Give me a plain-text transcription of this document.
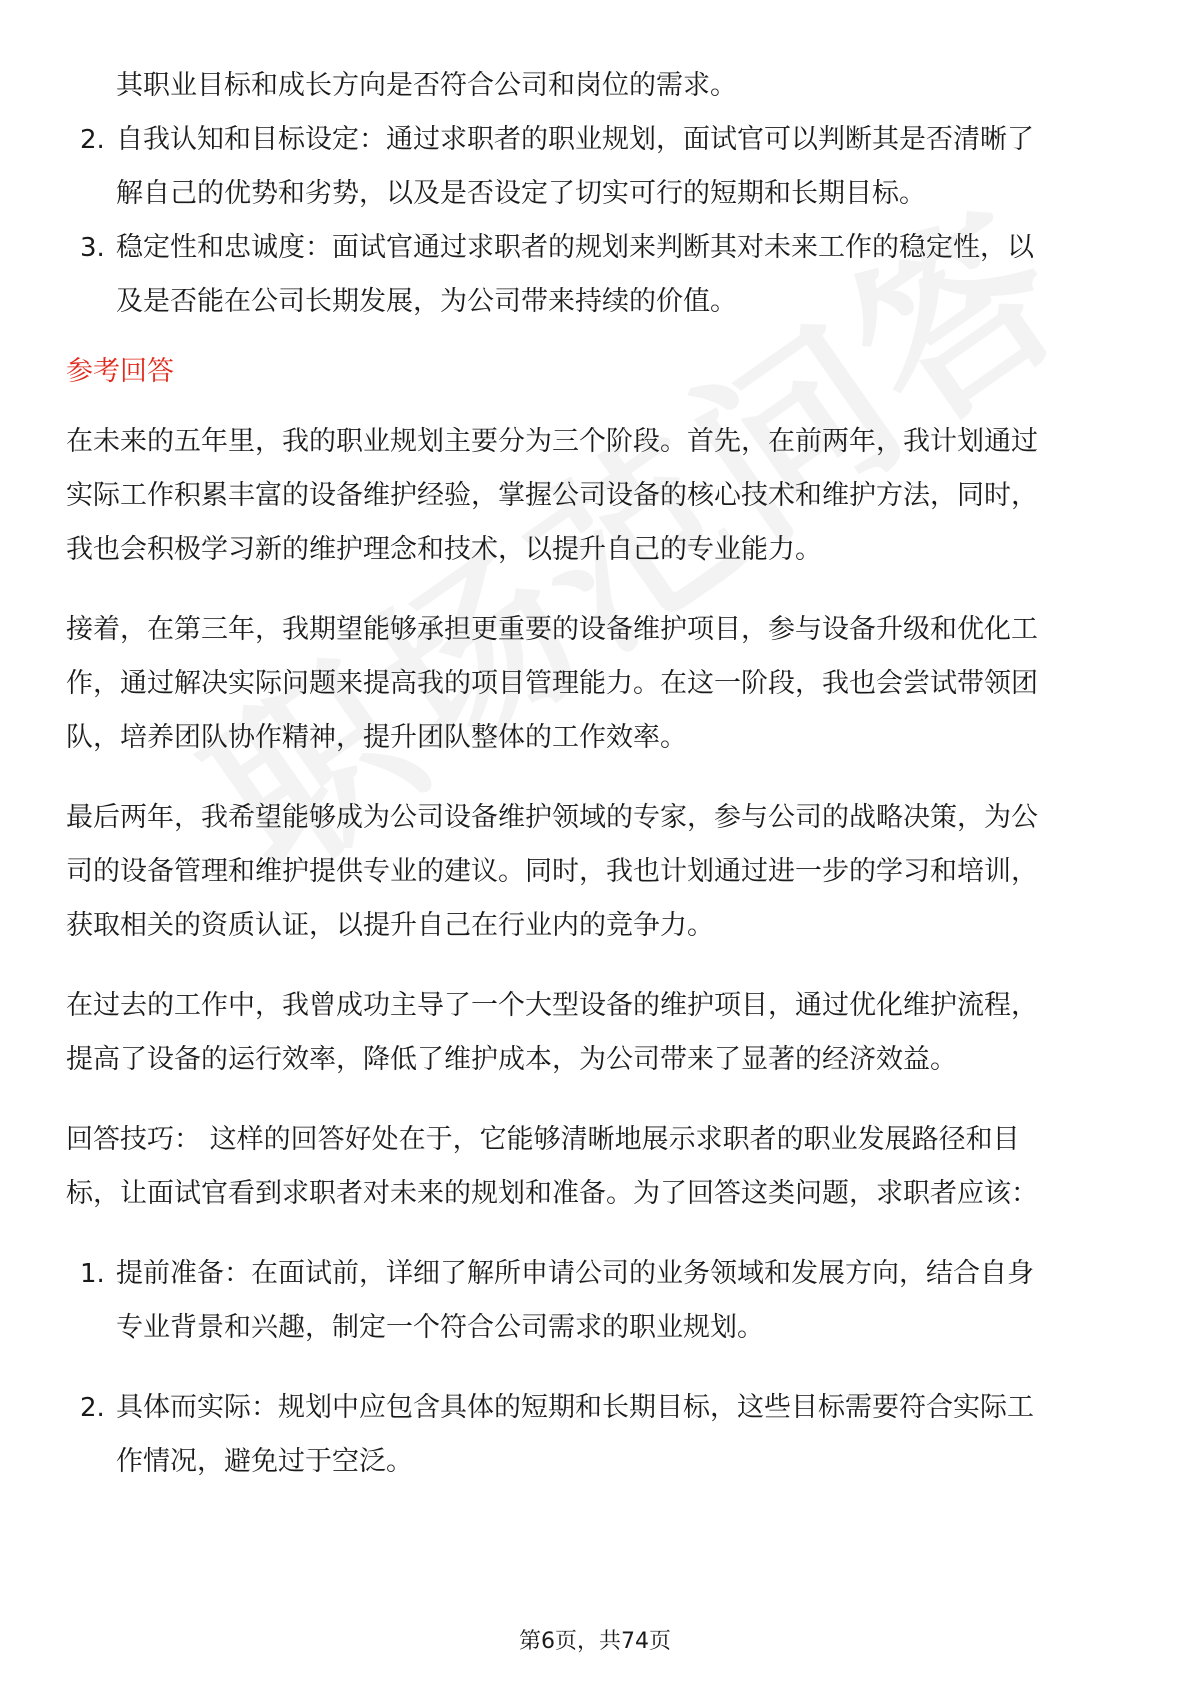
其职业目标和成长方向是否符合公司和岗位的需求。
2. 自我认知和目标设定：通过求职者的职业规划，面试官可以判断其是否清晰了
解自己的优势和劣势，以及是否设定了切实可行的短期和长期目标。
3. 稳定性和忠诚度：面试官通过求职者的规划来判断其对未来工作的稳定性，以
及是否能在公司长期发展，为公司带来持续的价值。
参考回答
在未来的五年里，我的职业规划主要分为三个阶段。首先，在前两年，我计划通过
实际工作积累丰富的设备维护经验，掌握公司设备的核心技术和维护方法，同时，
我也会积极学习新的维护理念和技术，以提升自己的专业能力。
接着，在第三年，我期望能够承担更重要的设备维护项目，参与设备升级和优化工
作，通过解决实际问题来提高我的项目管理能力。在这一阶段，我也会尝试带领团
队，培养团队协作精神，提升团队整体的工作效率。
最后两年，我希望能够成为公司设备维护领域的专家，参与公司的战略决策，为公
司的设备管理和维护提供专业的建议。同时，我也计划通过进一步的学习和培训，
获取相关的资质认证，以提升自己在行业内的竞争力。
在过去的工作中，我曾成功主导了一个大型设备的维护项目，通过优化维护流程，
提高了设备的运行效率，降低了维护成本，为公司带来了显著的经济效益。
回答技巧： 这样的回答好处在于，它能够清晰地展示求职者的职业发展路径和目
标，让面试官看到求职者对未来的规划和准备。为了回答这类问题，求职者应该：
1. 提前准备：在面试前，详细了解所申请公司的业务领域和发展方向，结合自身
专业背景和兴趣，制定一个符合公司需求的职业规划。
2. 具体而实际：规划中应包含具体的短期和长期目标，这些目标需要符合实际工
作情况，避免过于空泛。
第6页，共74页
